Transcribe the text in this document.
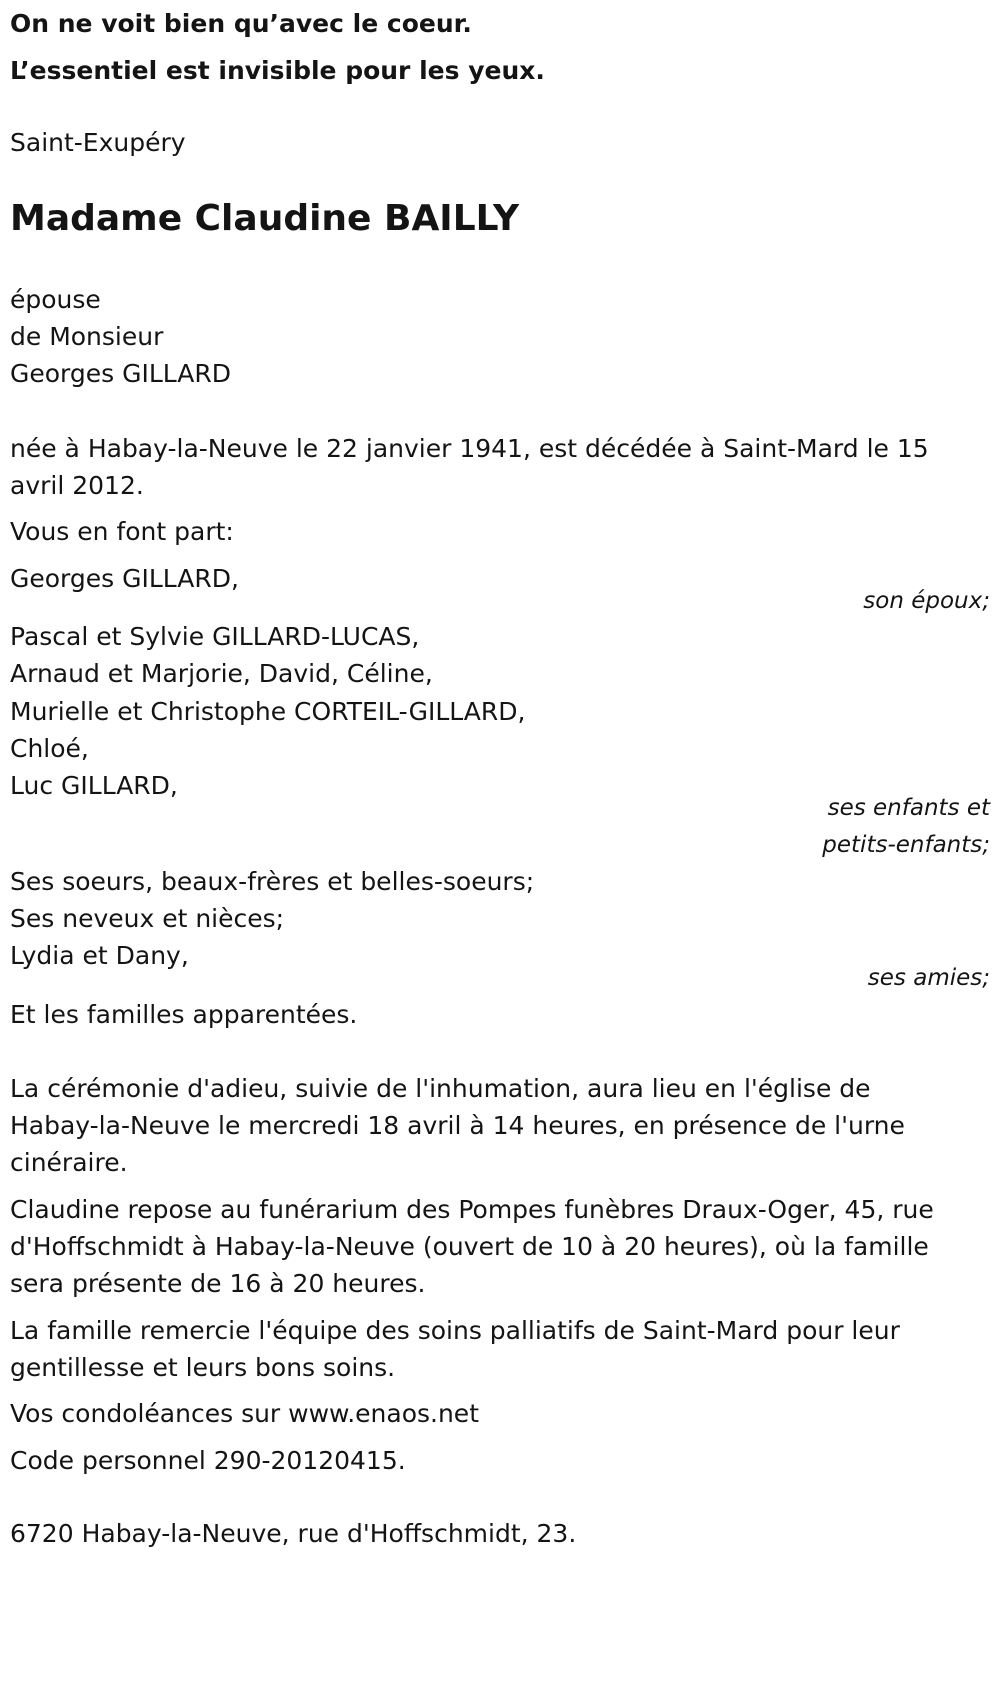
On ne voit bien qu’avec le coeur.
L’essentiel est invisible pour les yeux.
Saint-Exupéry
Madame Claudine BAILLY
épouse
de Monsieur
Georges GILLARD
née à Habay-la-Neuve le 22 janvier 1941, est décédée à Saint-Mard le 15
avril 2012.
Vous en font part:
Georges GILLARD,
son époux;
Pascal et Sylvie GILLARD-LUCAS,
Arnaud et Marjorie, David, Céline,
Murielle et Christophe CORTEIL-GILLARD,
Chloé,
Luc GILLARD,
ses enfants et
petits-enfants;
Ses soeurs, beaux-frères et belles-soeurs;
Ses neveux et nièces;
Lydia et Dany,
ses amies;
Et les familles apparentées.
La cérémonie d'adieu, suivie de l'inhumation, aura lieu en l'église de
Habay-la-Neuve le mercredi 18 avril à 14 heures, en présence de l'urne
cinéraire.
Claudine repose au funérarium des Pompes funèbres Draux-Oger, 45, rue
d'Hoffschmidt à Habay-la-Neuve (ouvert de 10 à 20 heures), où la famille
sera présente de 16 à 20 heures.
La famille remercie l'équipe des soins palliatifs de Saint-Mard pour leur
gentillesse et leurs bons soins.
Vos condoléances sur www.enaos.net
Code personnel 290-20120415.
6720 Habay-la-Neuve, rue d'Hoffschmidt, 23.
